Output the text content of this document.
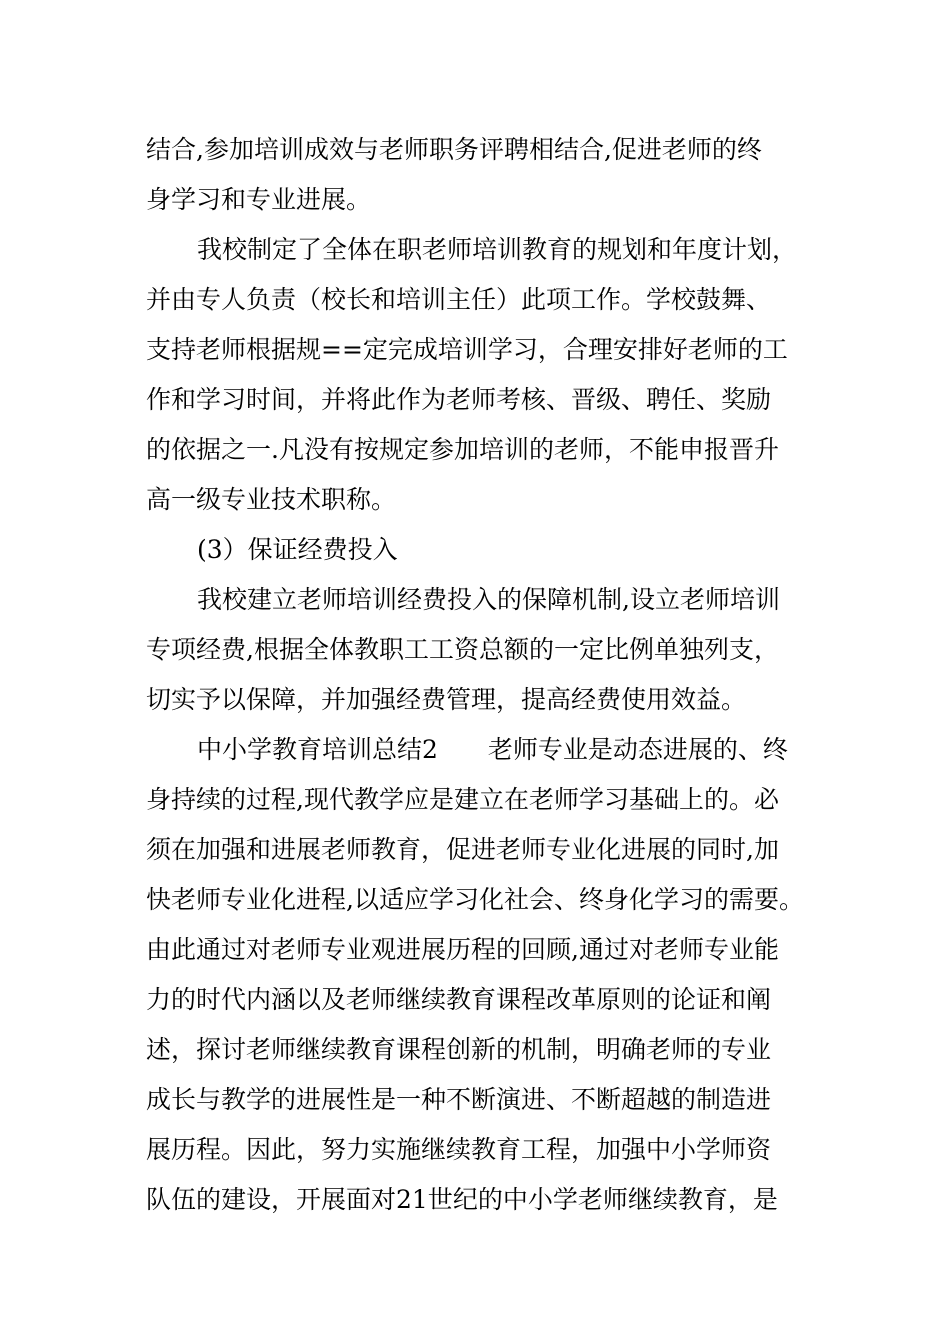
结合,参加培训成效与老师职务评聘相结合,促进老师的终

身学习和专业进展。

我校制定了全体在职老师培训教育的规划和年度计划，

并由专人负责（校长和培训主任）此项工作。学校鼓舞、

支持老师根据规==定完成培训学习，合理安排好老师的工

作和学习时间，并将此作为老师考核、晋级、聘任、奖励

的依据之一.凡没有按规定参加培训的老师，不能申报晋升

高一级专业技术职称。

(3）保证经费投入

我校建立老师培训经费投入的保障机制,设立老师培训

专项经费,根据全体教职工工资总额的一定比例单独列支，

切实予以保障，并加强经费管理，提高经费使用效益。

中小学教育培训总结2　　老师专业是动态进展的、终

身持续的过程,现代教学应是建立在老师学习基础上的。必

须在加强和进展老师教育，促进老师专业化进展的同时,加

快老师专业化进程,以适应学习化社会、终身化学习的需要。

由此通过对老师专业观进展历程的回顾,通过对老师专业能

力的时代内涵以及老师继续教育课程改革原则的论证和阐

述，探讨老师继续教育课程创新的机制，明确老师的专业

成长与教学的进展性是一种不断演进、不断超越的制造进

展历程。因此，努力实施继续教育工程，加强中小学师资

队伍的建设，开展面对21世纪的中小学老师继续教育，是
